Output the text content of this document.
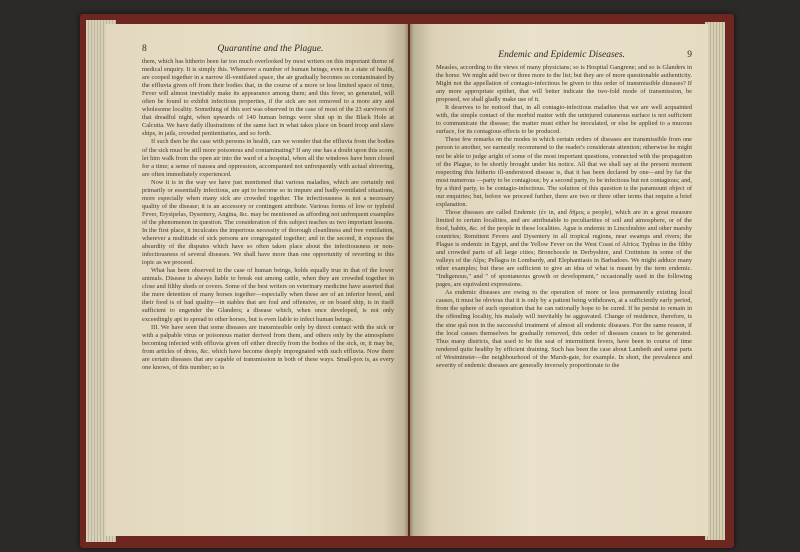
8	Quarantine and the Plague.

them, which has hitherto been far too much overlooked by most writers on this important theme of medical enquiry. It is simply this. Whenever a number of human beings, even in a state of health, are cooped together in a narrow ill-ventilated space, the air gradually becomes so contaminated by the effluvia given off from their bodies that, in the course of a more or less limited space of time, Fever will almost inevitably make its appearance among them; and this fever, so generated, will often be found to exhibit infectious properties, if the sick are not removed to a more airy and wholesome locality. Something of this sort was observed in the case of most of the 23 survivors of that dreadful night, when upwards of 140 human beings were shut up in the Black Hole at Calcutta. We have daily illustrations of the same fact in what takes place on board troop and slave ships, in jails, crowded penitentiaries, and so forth.

If such then be the case with persons in health, can we wonder that the effluvia from the bodies of the sick must be still more poisonous and contaminating? If any one has a doubt upon this score, let him walk from the open air into the ward of a hospital, when all the windows have been closed for a time; a sense of nausea and oppression, accompanied not unfrequently with actual shivering, are often immediately experienced.

Now it is in the way we have just mentioned that various maladies, which are certainly not primarily or essentially infectious, are apt to become so in impure and badly-ventilated situations, more especially when many sick are crowded together. The infectiousness is not a necessary quality of the disease; it is an accessory or contingent attribute. Various forms of low or typhoid Fever, Erysipelas, Dysentery, Angina, &c. may be mentioned as affording not unfrequent examples of the phenomenon in question. The consideration of this subject teaches us two important lessons. In the first place, it inculcates the imperious necessity of thorough cleanliness and free ventilation, wherever a multitude of sick persons are congregated together; and in the second, it exposes the absurdity of the disputes which have so often taken place about the infectiousness or non-infectiousness of several diseases. We shall have more than one opportunity of reverting to this topic as we proceed.

What has been observed in the case of human beings, holds equally true in that of the lower animals. Disease is always liable to break out among cattle, when they are crowded together in close and filthy sheds or covers. Some of the best writers on veterinary medicine have asserted that the mere detention of many horses together—especially when these are of an inferior breed, and their food is of bad quality—in stables that are foul and offensive, or on board ship, is in itself sufficient to engender the Glanders; a disease which, when once developed, is not only exceedingly apt to spread to other horses, but is even liable to infect human beings.

III. We have seen that some diseases are transmissible only by direct contact with the sick or with a palpable virus or poisonous matter derived from them, and others only by the atmosphere becoming infected with effluvia given off either directly from the bodies of the sick, or, it may be, from articles of dress, &c. which have become deeply impregnated with such effluvia. Now there are certain diseases that are capable of transmission in both of these ways. Small-pox is, as every one knows, of this number; so is

Endemic and Epidemic Diseases.	9

Measles, according to the views of many physicians; so is Hospital Gangrene; and so is Glanders in the horse. We might add two or three more to the list; but they are of more questionable authenticity. Might not the appellation of contagio-infectious be given to this order of transmissible diseases? If any more appropriate epithet, that will better indicate the two-fold mode of transmission, be proposed, we shall gladly make use of it.

It deserves to be noticed that, in all contagio-infectious maladies that we are well acquainted with, the simple contact of the morbid matter with the uninjured cutaneous surface is not sufficient to communicate the disease; the matter must either be inoculated, or else be applied to a mucous surface, for its contagious effects to be produced.

These few remarks on the modes in which certain orders of diseases are transmissible from one person to another, we earnestly recommend to the reader's considerate attention; otherwise he might not be able to judge aright of some of the most important questions, connected with the propagation of the Plague, to be shortly brought under his notice. All that we shall say at the present moment respecting this hitherto ill-understood disease is, that it has been declared by one—and by far the most numerous —party to be contagious; by a second party, to be infectious but not contagious; and, by a third party, to be contagio-infectious. The solution of this question is the paramount object of our enquiries; but, before we proceed further, there are two or three other terms that require a brief explanation.

Those diseases are called Endemic (ἐν in, and δῆμος a people), which are in a great measure limited to certain localities, and are attributable to peculiarities of soil and atmosphere, or of the food, habits, &c. of the people in these localities. Ague is endemic in Lincolnshire and other marshy countries; Remittent Fevers and Dysentery in all tropical regions, near swamps and rivers; the Plague is endemic in Egypt, and the Yellow Fever on the West Coast of Africa; Typhus in the filthy and crowded parts of all large cities; Bronchocele in Derbyshire, and Cretinism in some of the valleys of the Alps; Pellagra in Lombardy, and Elephantiasis in Barbadoes. We might adduce many other examples; but these are sufficient to give an idea of what is meant by the term endemic. "Indigenous," and " of spontaneous growth or development," occasionally used in the following pages, are equivalent expressions.

As endemic diseases are owing to the operation of more or less permanently existing local causes, it must be obvious that it is only by a patient being withdrawn, at a sufficiently early period, from the sphere of such operation that he can rationally hope to be cured. If he persist to remain in the offending locality, his malady will inevitably be aggravated. Change of residence, therefore, is the sine quâ non in the successful treatment of almost all endemic diseases. For the same reason, if the local causes themselves be gradually removed, this order of diseases ceases to be generated. Thus many districts, that used to be the seat of intermittent fevers, have been in course of time rendered quite healthy by efficient draining. Such has been the case about Lambeth and some parts of Westminster—the neighbourhood of the Marsh-gate, for example. In short, the prevalence and severity of endemic diseases are generally inversely proportionate to the
